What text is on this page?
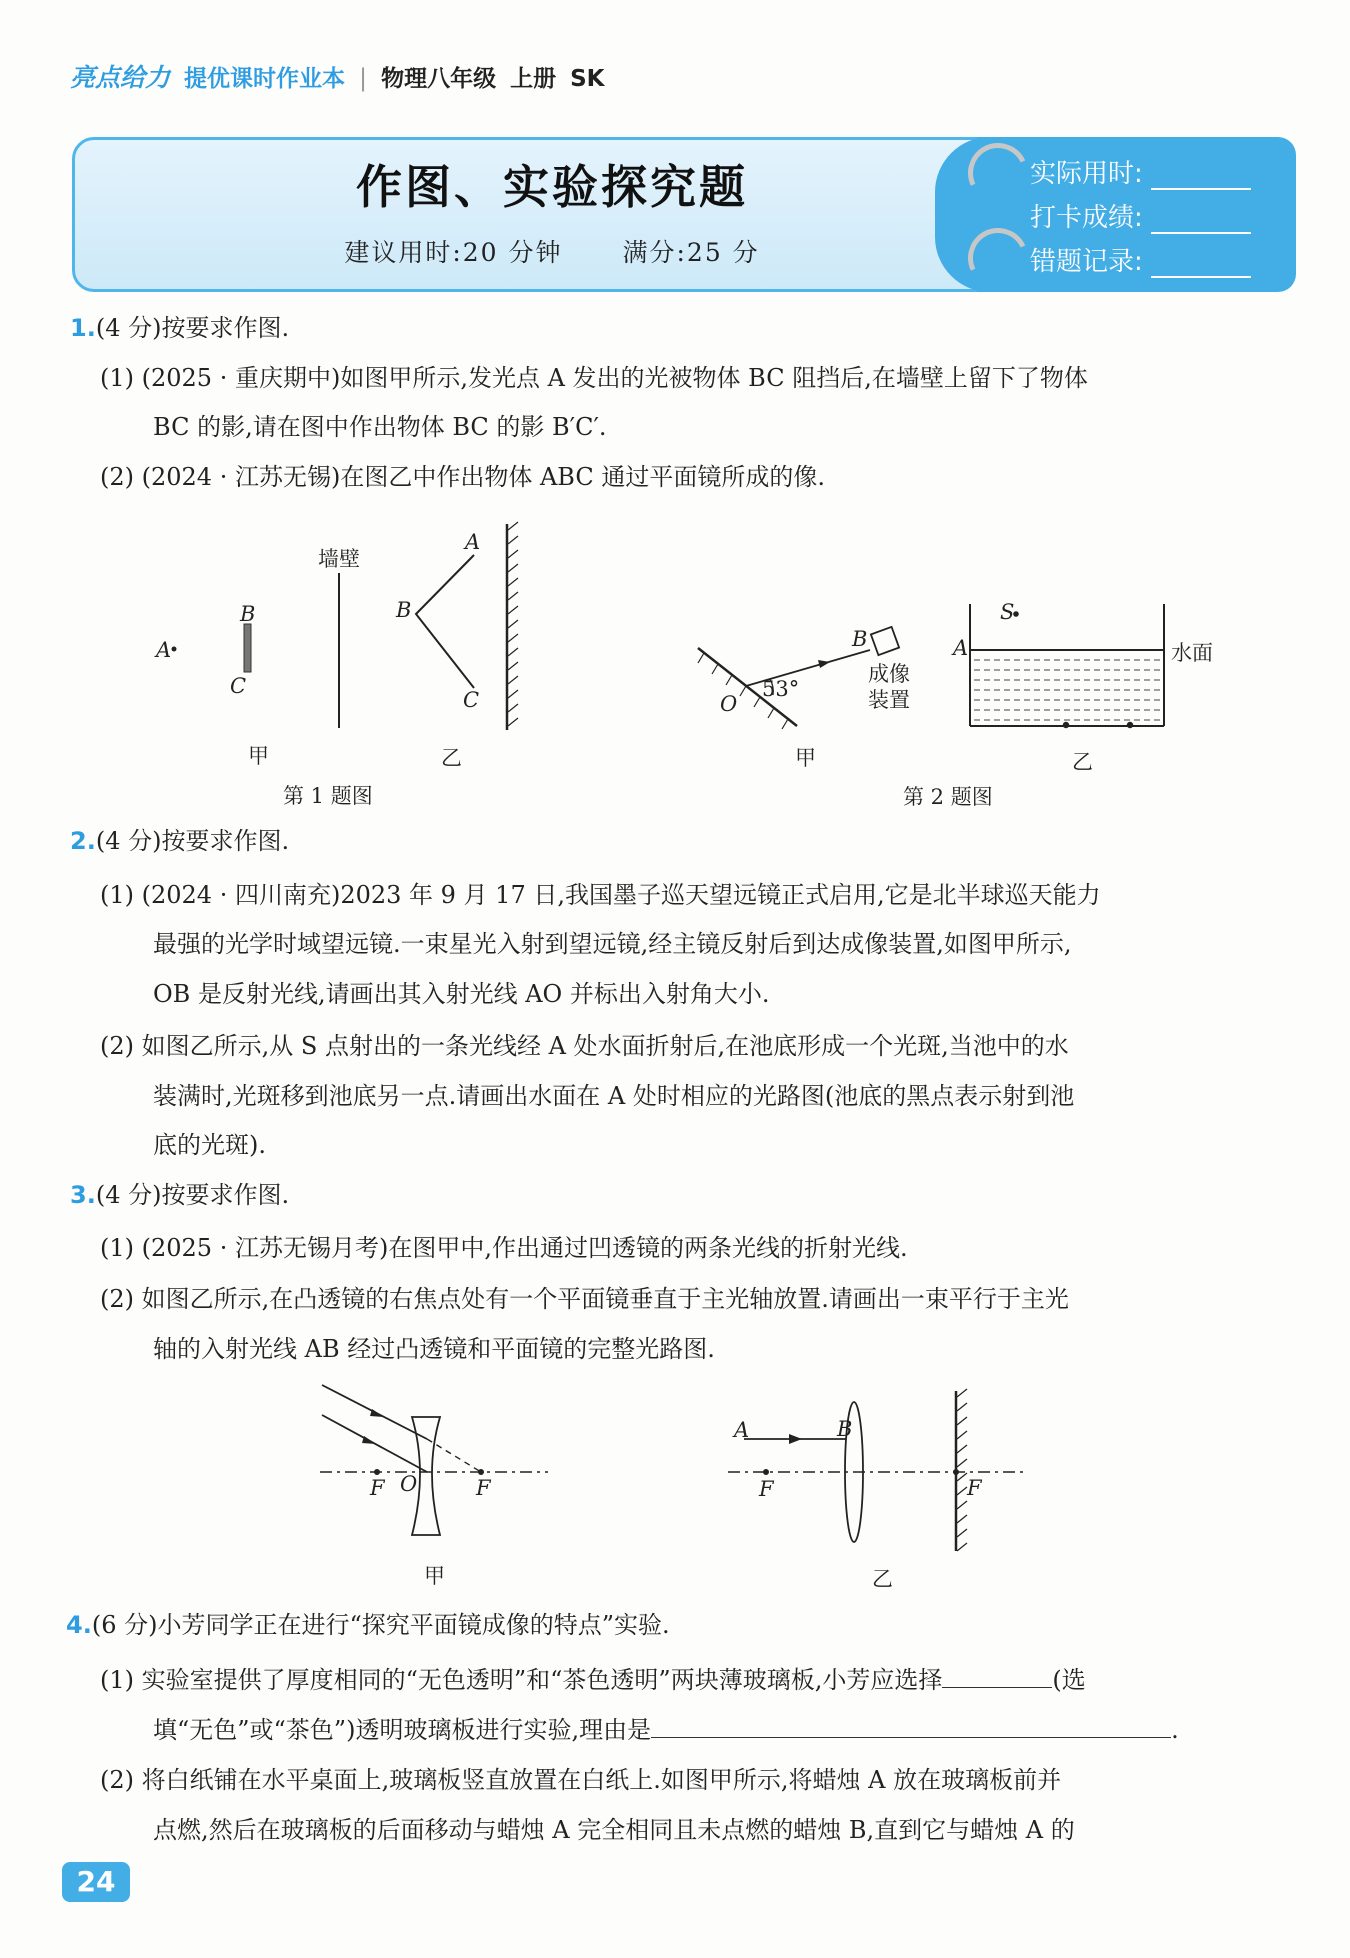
亮点给力 提优课时作业本 | 物理八年级 上册 SK
作图、实验探究题
建议用时:20 分钟 满分:25 分
实际用时:
打卡成绩:
错题记录:
1.(4 分)按要求作图.
(1) (2025 · 重庆期中)如图甲所示,发光点 A 发出的光被物体 BC 阻挡后,在墙壁上留下了物体
BC 的影,请在图中作出物体 BC 的影 B′C′.
(2) (2024 · 江苏无锡)在图乙中作出物体 ABC 通过平面镜所成的像.
A
B
C
墙壁
A
B
C
甲	乙
第 1 题图
O
53°
B
成像
装置
S
A	水面
甲	乙
第 2 题图
2.(4 分)按要求作图.
(1) (2024 · 四川南充)2023 年 9 月 17 日,我国墨子巡天望远镜正式启用,它是北半球巡天能力
最强的光学时域望远镜.一束星光入射到望远镜,经主镜反射后到达成像装置,如图甲所示,
OB 是反射光线,请画出其入射光线 AO 并标出入射角大小.
(2) 如图乙所示,从 S 点射出的一条光线经 A 处水面折射后,在池底形成一个光斑,当池中的水
装满时,光斑移到池底另一点.请画出水面在 A 处时相应的光路图(池底的黑点表示射到池
底的光斑).
3.(4 分)按要求作图.
(1) (2025 · 江苏无锡月考)在图甲中,作出通过凹透镜的两条光线的折射光线.
(2) 如图乙所示,在凸透镜的右焦点处有一个平面镜垂直于主光轴放置.请画出一束平行于主光
轴的入射光线 AB 经过凸透镜和平面镜的完整光路图.
F O	F
A	B
F	F
甲	乙
4.(6 分)小芳同学正在进行“探究平面镜成像的特点”实验.
(1) 实验室提供了厚度相同的“无色透明”和“茶色透明”两块薄玻璃板,小芳应选择	(选
填“无色”或“茶色”)透明玻璃板进行实验,理由是	.
(2) 将白纸铺在水平桌面上,玻璃板竖直放置在白纸上.如图甲所示,将蜡烛 A 放在玻璃板前并
点燃,然后在玻璃板的后面移动与蜡烛 A 完全相同且未点燃的蜡烛 B,直到它与蜡烛 A 的
24
